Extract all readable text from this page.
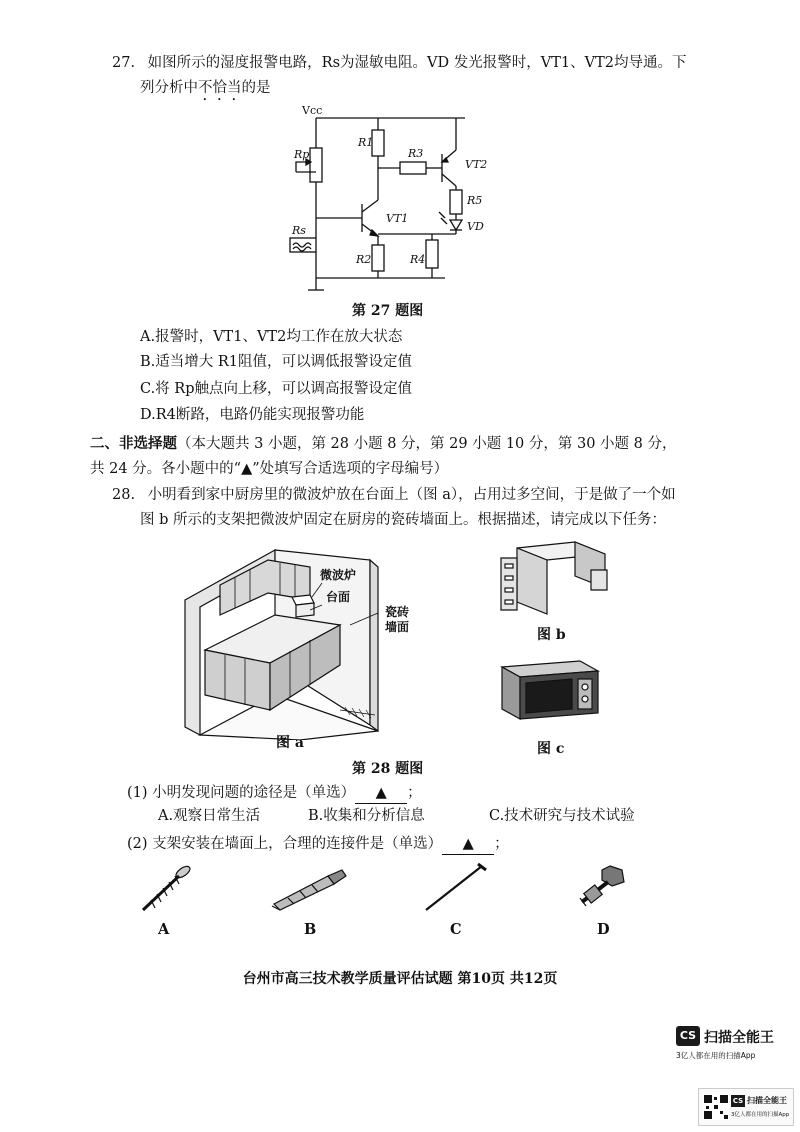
27. 如图所示的湿度报警电路，Rs为湿敏电阻。VD 发光报警时，VT1、VT2均导通。下
列分析中不恰当的是
Vcc
R1
R3
VT2
R5
VD
VT1
Rp
Rs
R2	R4
第 27 题图
A.报警时，VT1、VT2均工作在放大状态
B.适当增大 R1阻值，可以调低报警设定值
C.将 Rp触点向上移，可以调高报警设定值
D.R4断路，电路仍能实现报警功能
二、非选择题（本大题共 3 小题，第 28 小题 8 分，第 29 小题 10 分，第 30 小题 8 分，
共 24 分。各小题中的“▲”处填写合适选项的字母编号）
28. 小明看到家中厨房里的微波炉放在台面上（图 a），占用过多空间，于是做了一个如
图 b 所示的支架把微波炉固定在厨房的瓷砖墙面上。根据描述，请完成以下任务：
微波炉
台面
瓷砖
墙面
图 a
图 b
图 c
第 28 题图
(1) 小明发现问题的途径是（单选） ▲ ；
A.观察日常生活	B.收集和分析信息	C.技术研究与技术试验
(2) 支架安装在墙面上，合理的连接件是（单选） ▲ ；
A	B	C	D
台州市高三技术教学质量评估试题 第10页 共12页
CS 扫描全能王
3亿人都在用的扫描App
CS 扫描全能王
3亿人都在用的扫描App
